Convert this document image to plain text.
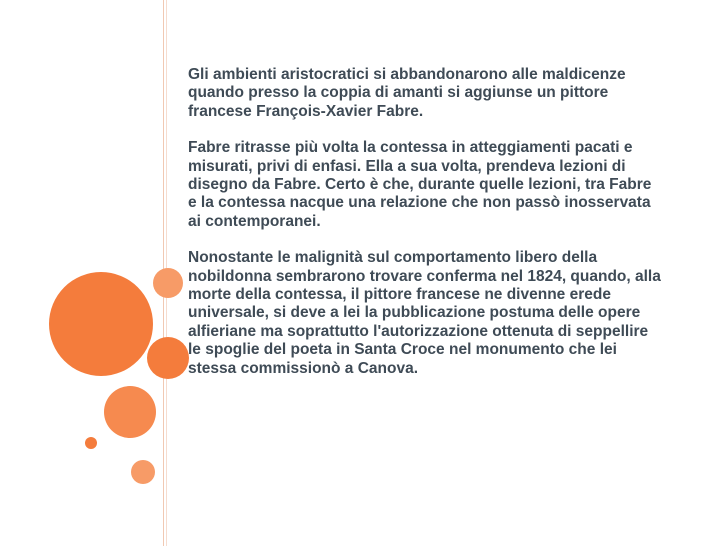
Gli ambienti aristocratici si abbandonarono alle maldicenze quando presso la coppia di amanti si aggiunse un pittore francese François-Xavier Fabre.

Fabre ritrasse più volta la contessa in atteggiamenti pacati e misurati, privi di enfasi. Ella a sua volta, prendeva lezioni di disegno da Fabre. Certo è che, durante quelle lezioni, tra Fabre e la contessa nacque una relazione che non passò inosservata ai contemporanei.

Nonostante le malignità sul comportamento libero della nobildonna sembrarono trovare conferma nel 1824, quando, alla morte della contessa, il pittore francese ne divenne erede universale, si deve a lei la pubblicazione postuma delle opere alfieriane ma soprattutto l'autorizzazione ottenuta di seppellire le spoglie del poeta in Santa Croce nel monumento che lei stessa commissionò a Canova.
